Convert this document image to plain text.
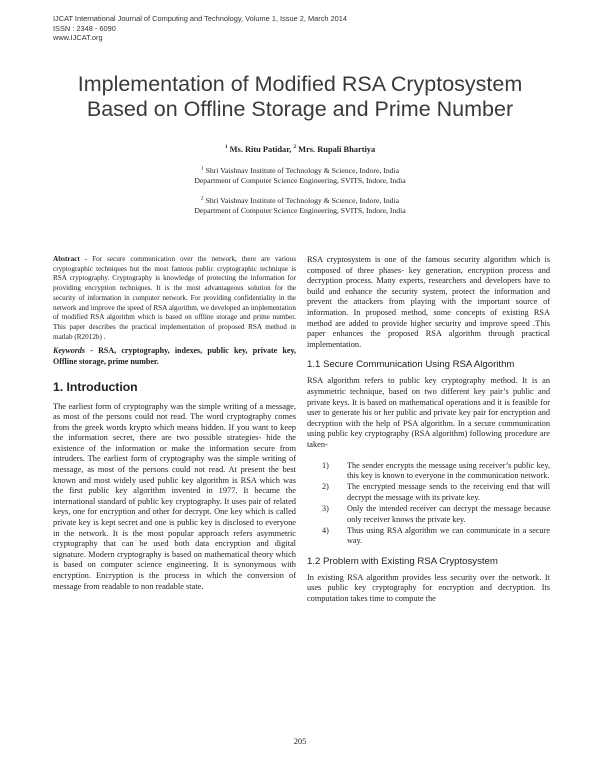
IJCAT International Journal of Computing and Technology, Volume 1, Issue 2, March 2014
ISSN : 2348 - 6090
www.IJCAT.org
Implementation of Modified RSA Cryptosystem
Based on Offline Storage and Prime Number
$^1$ Ms. Ritu Patidar, $^2$ Mrs. Rupali Bhartiya
$^1$ Shri Vaishnav Institute of Technology & Science, Indore, India
Department of Computer Science Engineering, SVITS, Indore, India
$^2$ Shri Vaishnav Institute of Technology & Science, Indore, India
Department of Computer Science Engineering, SVITS, Indore, India

Abstract - For secure communication over the network, there are various cryptographic techniques but the most famous public cryptographic technique is RSA cryptography. Cryptography is knowledge of protecting the information for providing encryption techniques. It is the most advantageous solution for the security of information in computer network. For providing confidentiality in the network and improve the speed of RSA algorithm, we developed an implementation of modified RSA algorithm which is based on offline storage and prime number. This paper describes the practical implementation of proposed RSA method in matlab (R2012b) .

Keywords - RSA, cryptography, indexes, public key, private key, Offline storage, prime number.

1. Introduction

The earliest form of cryptography was the simple writing of a message, as most of the persons could not read. The word cryptography comes from the greek words krypto which means hidden. If you want to keep the information secret, there are two possible strategies- hide the existence of the information or make the information secure from intruders. The earliest form of cryptography was the simple writing of message, as most of the persons could not read. At present the best known and most widely used public key algorithm is RSA which was the first public key algorithm invented in 1977. It became the international standard of public key cryptography. It uses pair of related keys, one for encryption and other for decrypt. One key which is called private key is kept secret and one is public key is disclosed to everyone in the network. It is the most popular approach refers asymmetric cryptography that can be used both data encryption and digital signature. Modern cryptography is based on mathematical theory which is based on computer science engineering. It is synonymous with encryption. Encryption is the process in which the conversion of message from readable to non readable state.

RSA cryptosystem is one of the famous security algorithm which is composed of three phases- key generation, encryption process and decryption process. Many experts, researchers and developers have to build and enhance the security system, protect the information and prevent the attackers from playing with the important source of information. In proposed method, some concepts of existing RSA method are added to provide higher security and improve speed .This paper enhances the proposed RSA algorithm through practical implementation.

1.1 Secure Communication Using RSA Algorithm

RSA algorithm refers to public key cryptography method. It is an asymmetric technique, based on two different key pair’s public and private keys. It is based on mathematical operations and it is feasible for user to generate his or her public and private key pair for encryption and decryption with the help of PSA algorithm. In a secure communication using public key cryptography (RSA algorithm) following procedure are taken-

1) The sender encrypts the message using receiver’s public key, this key is known to everyone in the communication network.
2) The encrypted message sends to the receiving end that will decrypt the message with its private key.
3) Only the intended receiver can decrypt the message because only receiver knows the private key.
4) Thus using RSA algorithm we can communicate in a secure way.
1.2 Problem with Existing RSA Cryptosystem

In existing RSA algorithm provides less security over the network. It uses public key cryptography for encryption and decryption. Its computation takes time to compute the

205
